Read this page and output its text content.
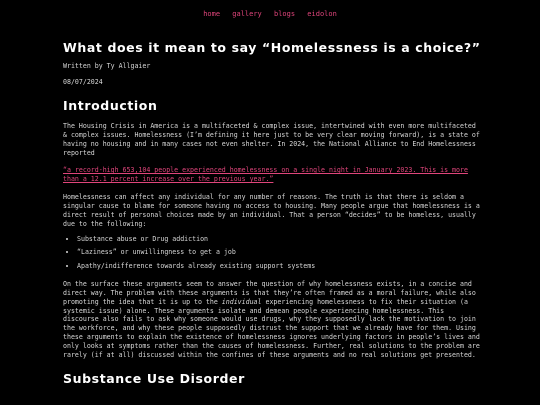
home gallery blogs eidolon
What does it mean to say “Homelessness is a choice?”
Written by Ty Allgaier
08/07/2024
Introduction

The Housing Crisis in America is a multifaceted & complex issue, intertwined with even more multifaceted & complex issues. Homelessness (I’m defining it here just to be very clear moving forward), is a state of having no housing and in many cases not even shelter. In 2024, the National Alliance to End Homelessness reported

“a record-high 653,104 people experienced homelessness on a single night in January 2023. This is more than a 12.1 percent increase over the previous year.”

Homelessness can affect any individual for any number of reasons. The truth is that there is seldom a singular cause to blame for someone having no access to housing. Many people argue that homelessness is a direct result of personal choices made by an individual. That a person “decides” to be homeless, usually due to the following:

• Substance abuse or Drug addiction
• “Laziness” or unwillingness to get a job
• Apathy/indifference towards already existing support systems

On the surface these arguments seem to answer the question of why homelessness exists, in a concise and direct way. The problem with these arguments is that they’re often framed as a moral failure, while also promoting the idea that it is up to the individual experiencing homelessness to fix their situation (a systemic issue) alone. These arguments isolate and demean people experiencing homelessness. This discourse also fails to ask why someone would use drugs, why they supposedly lack the motivation to join the workforce, and why these people supposedly distrust the support that we already have for them. Using these arguments to explain the existence of homelessness ignores underlying factors in people’s lives and only looks at symptoms rather than the causes of homelessness. Further, real solutions to the problem are rarely (if at all) discussed within the confines of these arguments and no real solutions get presented.

Substance Use Disorder
